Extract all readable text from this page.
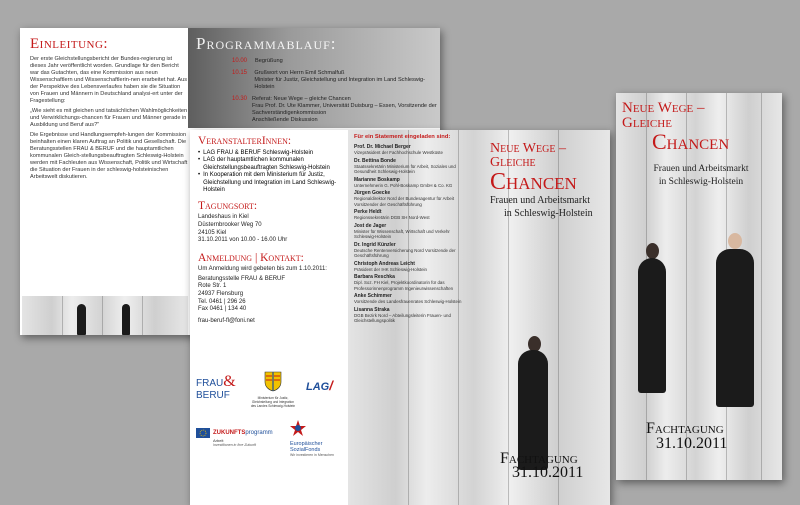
Einleitung:
Der erste Gleichstellungsbericht der Bundes-regierung ist dieses Jahr veröffentlicht worden. Grundlage für den Bericht war das Gutachten, das eine Kommission aus neun Wissenschaftlern und Wissenschaftlerin-nen erarbeitet hat. Aus der Perspektive des Lebensverlaufes haben sie die Situation von Frauen und Männern in Deutschland analysi-ert unter der Fragestellung:
„Wie sieht es mit gleichen und tatsächlichen Wahlmöglichkeiten und Verwirklichungs-chancen für Frauen und Männer gerade in Ausbildung und Beruf aus?"
Die Ergebnisse und Handlungsempfeh-lungen der Kommission beinhalten einen klaren Auftrag an Politik und Gesellschaft. Die Beratungsstellen FRAU & BERUF und die hauptamtlichen kommunalen Gleich-stellungsbeauftragten Schleswig-Holstein werden mit Fachleuten aus Wissenschaft, Politik und Wirtschaft die Situation der Frauen in der schleswig-holsteinischen Arbeitswelt diskutieren.
Programmablauf:
10.00	Begrüßung
10.15	Grußwort von Herrn Emil Schmalfuß
Minister für Justiz, Gleichstellung und Integration im Land Schleswig-Holstein
10.30 Referat: Neue Wege – gleiche Chancen
Frau Prof. Dr. Ute Klammer, Universität Duisburg – Essen, Vorsitzende der Sachverständigenkommission
Anschließende Diskussion
VeranstalterInnen:
• LAG FRAU & BERUF Schleswig-Holstein
• LAG der hauptamtlichen kommunalen Gleichstellungsbeauftragten Schleswig-Holstein
• In Kooperation mit dem Ministerium für Justiz, Gleichstellung und Integration im Land Schleswig-Holstein
Tagungsort:
Landeshaus in Kiel
Düsternbrooker Weg 70
24105 Kiel
31.10.2011 von 10.00 - 16.00 Uhr
Anmeldung | Kontakt:
Um Anmeldung wird gebeten bis zum 1.10.2011:
Beratungsstelle FRAU & BERUF
Rote Str. 1
24937 Flensburg
Tel. 0461 | 296 26
Fax 0461 | 134 40
frau-beruf-fl@foni.net
FRAU&
BERUF	Ministerium für Justiz, Gleichstellung und Integration des Landes Schleswig-Holstein
LAG/
ZUKUNFTS programm
Arbeit
Investitionen in Ihre Zukunft	Europäischer
SozialFonds
Wir investieren in Menschen
Für ein Statement eingeladen sind:
Prof. Dr. Michael Berger
Vizepräsident der Fachhochschule Westküste
Dr. Bettina Bonde
Staatssekretärin Ministerium für Arbeit, Soziales und Gesundheit Schleswig-Holstein
Marianne Boskamp
Unternehmerin G. Pohl-Boskamp GmbH & Co. KG
Jürgen Goecke
Regionaldirektor Nord der Bundesagentur für Arbeit Vorsitzender der Geschäftsführung
Perke Heldt
Regionssekretärin DGB SH Nord-West
Jost de Jager
Minister für Wissenschaft, Wirtschaft und Verkehr Schleswig-Holstein
Dr. Ingrid Künzler
Deutsche Rentenversicherung Nord Vorsitzende der Geschäftsführung
Christoph Andreas Leicht
Präsident der IHK Schleswig-Holstein
Barbara Reschka
Dipl. Soz. FH Kiel, Projektkoordinatorin für das Professorinnenprogramm Ingenieurwissenschaften
Anke Schimmer
Vorsitzende des Landesfrauenrates Schleswig-Holstein
Lisanna Straka
DGB Bezirk Nord – Abteilungsleiterin Frauen- und Gleichstellungspolitik
Neue Wege –
Gleiche
Chancen
Frauen und Arbeitsmarkt
in Schleswig-Holstein
Fachtagung
31.10.2011
Neue Wege –
Gleiche
Chancen
Frauen und Arbeitsmarkt
in Schleswig-Holstein
Fachtagung
31.10.2011
